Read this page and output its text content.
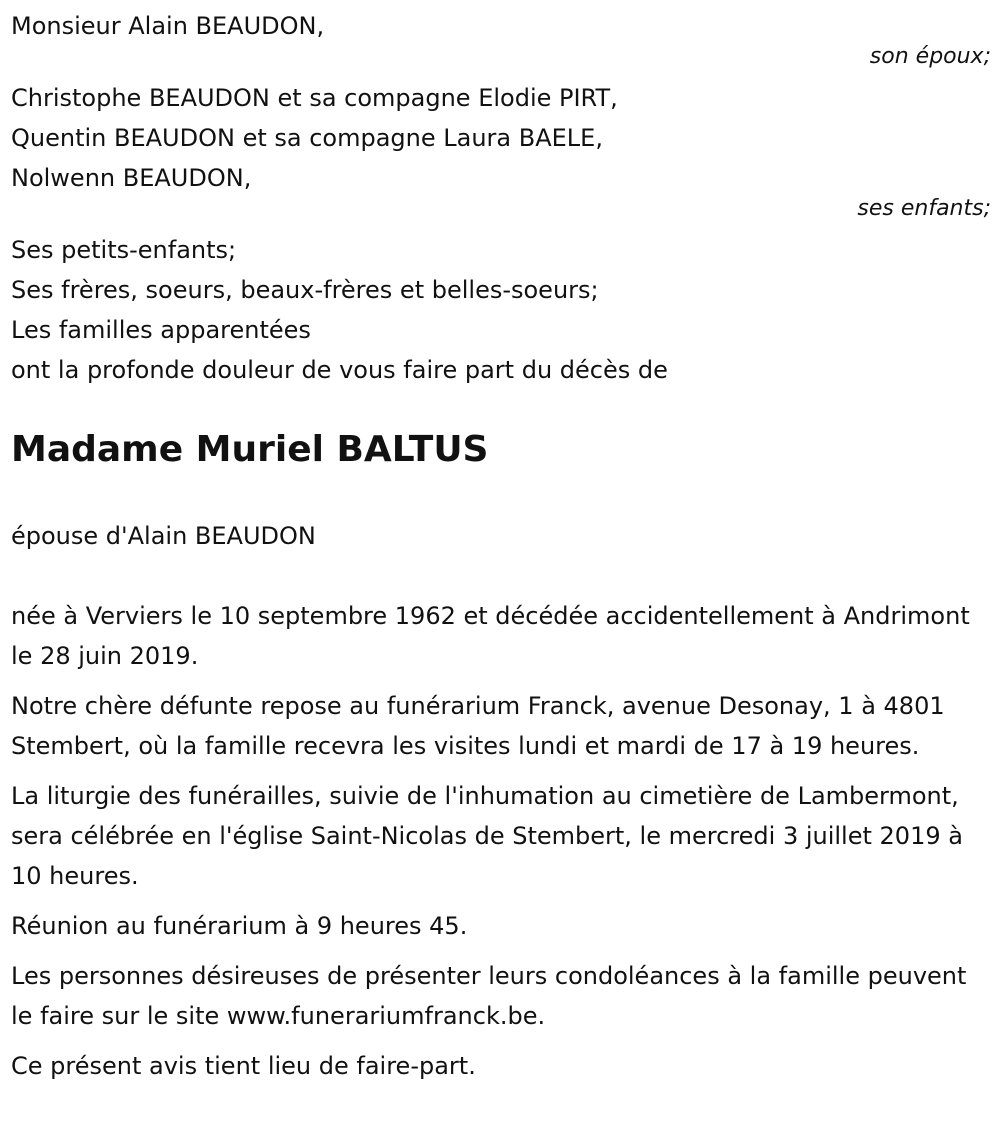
Monsieur Alain BEAUDON,
son époux;
Christophe BEAUDON et sa compagne Elodie PIRT,
Quentin BEAUDON et sa compagne Laura BAELE,
Nolwenn BEAUDON,
ses enfants;
Ses petits-enfants;
Ses frères, soeurs, beaux-frères et belles-soeurs;
Les familles apparentées
ont la profonde douleur de vous faire part du décès de
Madame Muriel BALTUS
épouse d'Alain BEAUDON
née à Verviers le 10 septembre 1962 et décédée accidentellement à Andrimont le 28 juin 2019.
Notre chère défunte repose au funérarium Franck, avenue Desonay, 1 à 4801 Stembert, où la famille recevra les visites lundi et mardi de 17 à 19 heures.
La liturgie des funérailles, suivie de l'inhumation au cimetière de Lambermont, sera célébrée en l'église Saint-Nicolas de Stembert, le mercredi 3 juillet 2019 à 10 heures.
Réunion au funérarium à 9 heures 45.
Les personnes désireuses de présenter leurs condoléances à la famille peuvent le faire sur le site www.funerariumfranck.be.
Ce présent avis tient lieu de faire-part.
